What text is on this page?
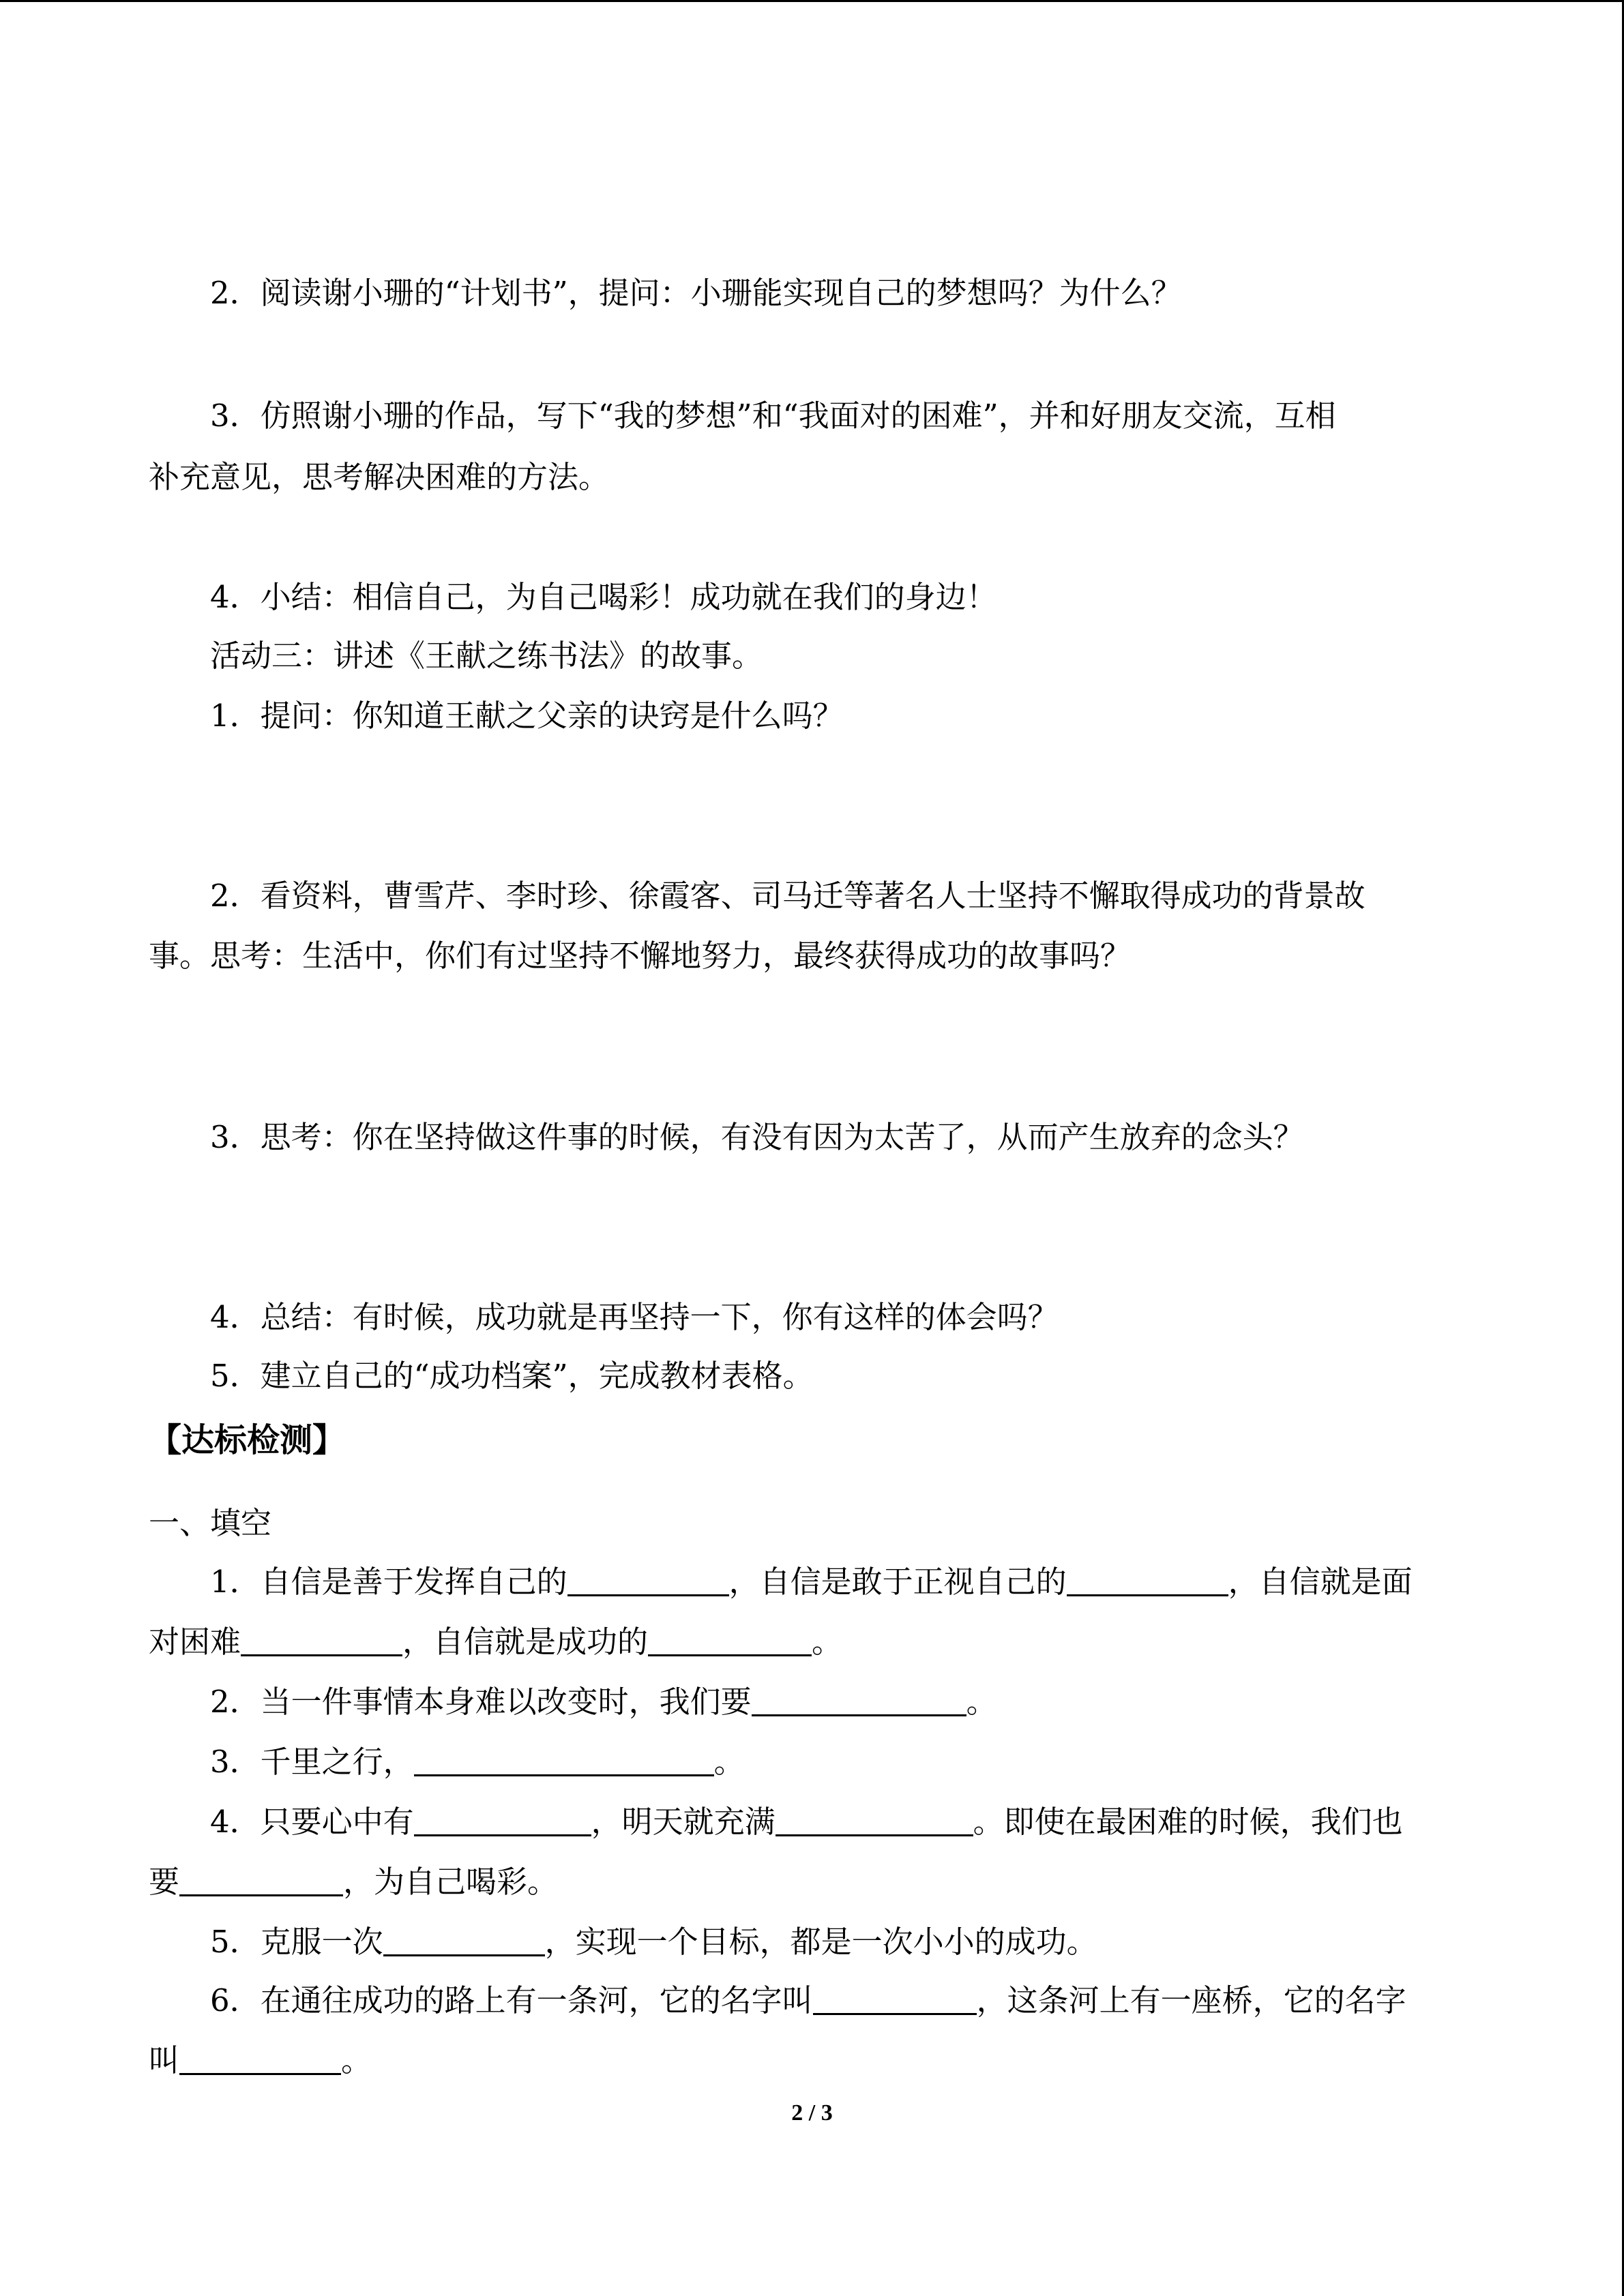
2．阅读谢小珊的“计划书”，提问：小珊能实现自己的梦想吗？为什么？
3．仿照谢小珊的作品，写下“我的梦想”和“我面对的困难”，并和好朋友交流，互相
补充意见，思考解决困难的方法。
4．小结：相信自己，为自己喝彩！成功就在我们的身边！
活动三：讲述《王献之练书法》的故事。
1．提问：你知道王献之父亲的诀窍是什么吗？
2．看资料，曹雪芹、李时珍、徐霞客、司马迁等著名人士坚持不懈取得成功的背景故
事。思考：生活中，你们有过坚持不懈地努力，最终获得成功的故事吗？
3．思考：你在坚持做这件事的时候，有没有因为太苦了，从而产生放弃的念头？
4．总结：有时候，成功就是再坚持一下，你有这样的体会吗？
5．建立自己的“成功档案”，完成教材表格。
【达标检测】
一、填空
1．自信是善于发挥自己的	，自信是敢于正视自己的	，自信就是面
对困难	，自信就是成功的	。
2．当一件事情本身难以改变时，我们要	。
3．千里之行，	。
4．只要心中有	，明天就充满	。即使在最困难的时候，我们也
要	，为自己喝彩。
5．克服一次	，实现一个目标，都是一次小小的成功。
6．在通往成功的路上有一条河，它的名字叫	，这条河上有一座桥，它的名字
叫	。
2 / 3
